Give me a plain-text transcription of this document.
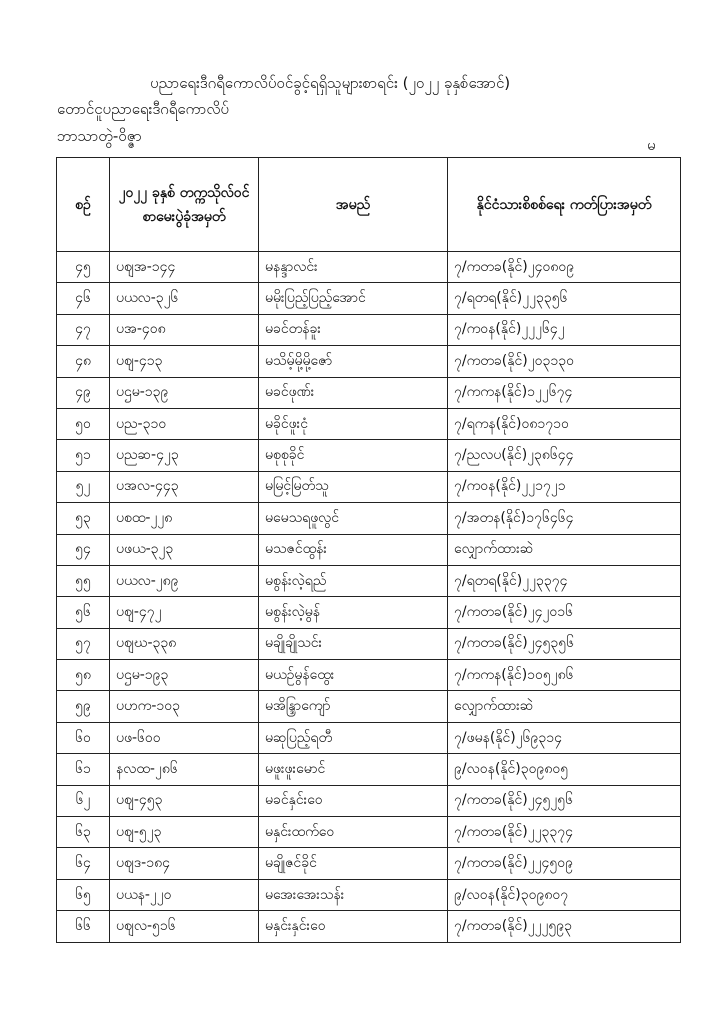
ပညာရေးဒီဂရီကောလိပ်ဝင်ခွင့်ရရှိသူများစာရင်း (၂၀၂၂ ခုနှစ်အောင်)
တောင်ငူပညာရေးဒီဂရီကောလိပ်
ဘာသာတွဲ-ဝိဇ္ဇာ	မ
စဉ်	၂၀၂၂ ခုနှစ် တက္ကသိုလ်ဝင် စာမေးပွဲခုံအမှတ်	အမည်	နိုင်ငံသားစိစစ်ရေး ကတ်ပြားအမှတ်
၄၅	ပဈအ-၁၄၄	မနန္ဒာလင်း	၇/ကတခ(နိုင်)၂၄၀၈၀၉
၄၆	ပယလ-၃၂၆	မမိုးပြည့်ပြည့်အောင်	၇/ရတရ(နိုင်)၂၂၃၃၅၆
၄၇	ပအ-၄၀၈	မခင်တန်ခူး	၇/ကဝန(နိုင်)၂၂၂၆၄၂
၄၈	ပဈ-၄၁၃	မသိမ့်မို့မို့ဇော်	၇/ကတခ(နိုင်)၂၀၃၁၃၀
၄၉	ပဌမ-၁၃၉	မခင်ဖုဏ်း	၇/ကကန(နိုင်)၁၂၂၆၇၄
၅၀	ပည-၃၁၀	မခိုင်ဖူးငုံ	၇/ရကန(နိုင်)၀၈၁၇၁၀
၅၁	ပညဆ-၄၂၃	မစုစုခိုင်	၇/ညလပ(နိုင်)၂၃၈၆၄၄
၅၂	ပအလ-၄၄၃	မမြင့်မြတ်သူ	၇/ကဝန(နိုင်)၂၂၁၇၂၁
၅၃	ပစထ-၂၂၈	မမေသရဖူလွင်	၇/အတန(နိုင်)၁၇၆၄၆၄
၅၄	ပဖယ-၃၂၃	မသဇင်ထွန်း	လျှောက်ထားဆဲ
၅၅	ပယလ-၂၈၉	မစွန်းလဲ့ရည်	၇/ရတရ(နိုင်)၂၂၃၃၇၄
၅၆	ပဈ-၄၇၂	မစွန်းလဲ့မွန်	၇/ကတခ(နိုင်)၂၄၂၀၁၆
၅၇	ပဈဃ-၃၃၈	မချိုချိုသင်း	၇/ကတခ(နိုင်)၂၄၅၃၅၆
၅၈	ပဌမ-၁၉၃	မယဉ်မွန်ထွေး	၇/ကကန(နိုင်)၁၀၅၂၈၆
၅၉	ပဟက-၁၀၃	မအိန္ဒြာကျော်	လျှောက်ထားဆဲ
၆၀	ပဖ-၆၀၀	မဆုပြည့်ရတီ	၇/ဖမန(နိုင်)၂၆၉၃၁၄
၆၁	နလထ-၂၈၆	မဖူးဖူးမောင်	၉/လဝန(နိုင်)၃၀၉၈၀၅
၆၂	ပဈ-၄၅၃	မခင်နှင်းဝေ	၇/ကတခ(နိုင်)၂၄၅၂၅၆
၆၃	ပဈ-၅၂၃	မနှင်းထက်ဝေ	၇/ကတခ(နိုင်)၂၂၃၃၇၄
၆၄	ပဈဒ-၁၈၄	မချိုဇင်ခိုင်	၇/ကတခ(နိုင်)၂၂၄၅၀၉
၆၅	ပယန-၂၂၀	မအေးအေးသန်း	၉/လဝန(နိုင်)၃၀၉၈၀၇
၆၆	ပဈလ-၅၁၆	မနှင်းနှင်းဝေ	၇/ကတခ(နိုင်)၂၂၂၅၉၃
